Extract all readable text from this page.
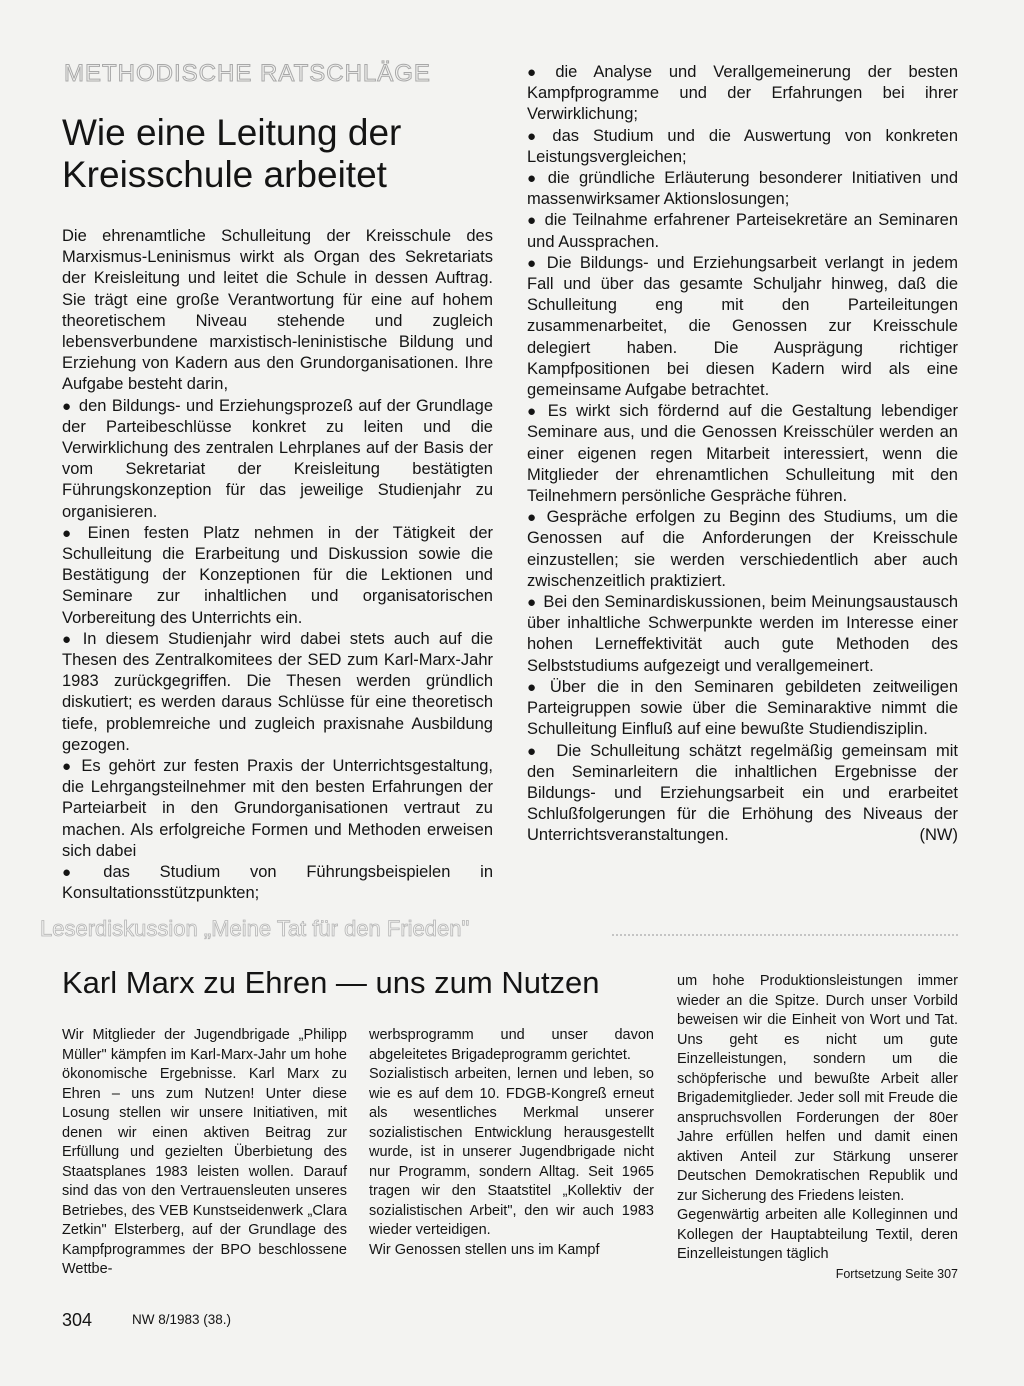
METHODISCHE RATSCHLÄGE
Wie eine Leitung der
Kreisschule arbeitet

Die ehrenamtliche Schulleitung der Kreisschule des Marxismus-Leninismus wirkt als Organ des Sekretariats der Kreisleitung und leitet die Schule in dessen Auftrag. Sie trägt eine große Verantwortung für eine auf hohem theoretischem Niveau stehende und zugleich lebensverbundene marxistisch-leninistische Bildung und Erziehung von Kadern aus den Grundorganisationen. Ihre Aufgabe besteht darin,

● den Bildungs- und Erziehungsprozeß auf der Grundlage der Parteibeschlüsse konkret zu leiten und die Verwirklichung des zentralen Lehrplanes auf der Basis der vom Sekretariat der Kreisleitung bestätigten Führungskonzeption für das jeweilige Studienjahr zu organisieren.

● Einen festen Platz nehmen in der Tätigkeit der Schulleitung die Erarbeitung und Diskussion sowie die Bestätigung der Konzeptionen für die Lektionen und Seminare zur inhaltlichen und organisatorischen Vorbereitung des Unterrichts ein.

● In diesem Studienjahr wird dabei stets auch auf die Thesen des Zentralkomitees der SED zum Karl-Marx-Jahr 1983 zurückgegriffen. Die Thesen werden gründlich diskutiert; es werden daraus Schlüsse für eine theoretisch tiefe, problemreiche und zugleich praxisnahe Ausbildung gezogen.

● Es gehört zur festen Praxis der Unterrichtsgestaltung, die Lehrgangsteilnehmer mit den besten Erfahrungen der Parteiarbeit in den Grundorganisationen vertraut zu machen. Als erfolgreiche Formen und Methoden erweisen sich dabei

● das Studium von Führungsbeispielen in Konsultationsstützpunkten;

● die Analyse und Verallgemeinerung der besten Kampfprogramme und der Erfahrungen bei ihrer Verwirklichung;

● das Studium und die Auswertung von konkreten Leistungsvergleichen;

● die gründliche Erläuterung besonderer Initiativen und massenwirksamer Aktionslosungen;

● die Teilnahme erfahrener Parteisekretäre an Seminaren und Aussprachen.

● Die Bildungs- und Erziehungsarbeit verlangt in jedem Fall und über das gesamte Schuljahr hinweg, daß die Schulleitung eng mit den Parteileitungen zusammenarbeitet, die Genossen zur Kreisschule delegiert haben. Die Ausprägung richtiger Kampfpositionen bei diesen Kadern wird als eine gemeinsame Aufgabe betrachtet.

● Es wirkt sich fördernd auf die Gestaltung lebendiger Seminare aus, und die Genossen Kreisschüler werden an einer eigenen regen Mitarbeit interessiert, wenn die Mitglieder der ehrenamtlichen Schulleitung mit den Teilnehmern persönliche Gespräche führen.

● Gespräche erfolgen zu Beginn des Studiums, um die Genossen auf die Anforderungen der Kreisschule einzustellen; sie werden verschiedentlich aber auch zwischenzeitlich praktiziert.

● Bei den Seminardiskussionen, beim Meinungsaustausch über inhaltliche Schwerpunkte werden im Interesse einer hohen Lerneffektivität auch gute Methoden des Selbststudiums aufgezeigt und verallgemeinert.

● Über die in den Seminaren gebildeten zeitweiligen Parteigruppen sowie über die Seminaraktive nimmt die Schulleitung Einfluß auf eine bewußte Studiendisziplin.

● Die Schulleitung schätzt regelmäßig gemeinsam mit den Seminarleitern die inhaltlichen Ergebnisse der Bildungs- und Erziehungsarbeit ein und erarbeitet Schlußfolgerungen für die Erhöhung des Niveaus der Unterrichtsveranstaltungen.	(NW)

Leserdiskussion „Meine Tat für den Frieden"
Karl Marx zu Ehren — uns zum Nutzen

Wir Mitglieder der Jugendbrigade „Philipp Müller" kämpfen im Karl-Marx-Jahr um hohe ökonomische Ergebnisse. Karl Marx zu Ehren – uns zum Nutzen! Unter diese Losung stellen wir unsere Initiativen, mit denen wir einen aktiven Beitrag zur Erfüllung und gezielten Überbietung des Staatsplanes 1983 leisten wollen. Darauf sind das von den Vertrauensleuten unseres Betriebes, des VEB Kunstseidenwerk „Clara Zetkin" Elsterberg, auf der Grundlage des Kampfprogrammes der BPO beschlossene Wettbe-

werbsprogramm und unser davon abgeleitetes Brigadeprogramm gerichtet.

Sozialistisch arbeiten, lernen und leben, so wie es auf dem 10. FDGB-Kongreß erneut als wesentliches Merkmal unserer sozialistischen Entwicklung herausgestellt wurde, ist in unserer Jugendbrigade nicht nur Programm, sondern Alltag. Seit 1965 tragen wir den Staatstitel „Kollektiv der sozialistischen Arbeit", den wir auch 1983 wieder verteidigen.

Wir Genossen stellen uns im Kampf

um hohe Produktionsleistungen immer wieder an die Spitze. Durch unser Vorbild beweisen wir die Einheit von Wort und Tat. Uns geht es nicht um gute Einzelleistungen, sondern um die schöpferische und bewußte Arbeit aller Brigademitglieder. Jeder soll mit Freude die anspruchsvollen Forderungen der 80er Jahre erfüllen helfen und damit einen aktiven Anteil zur Stärkung unserer Deutschen Demokratischen Republik und zur Sicherung des Friedens leisten.

Gegenwärtig arbeiten alle Kolleginnen und Kollegen der Hauptabteilung Textil, deren Einzelleistungen täglich

Fortsetzung Seite 307

304	NW 8/1983 (38.)
